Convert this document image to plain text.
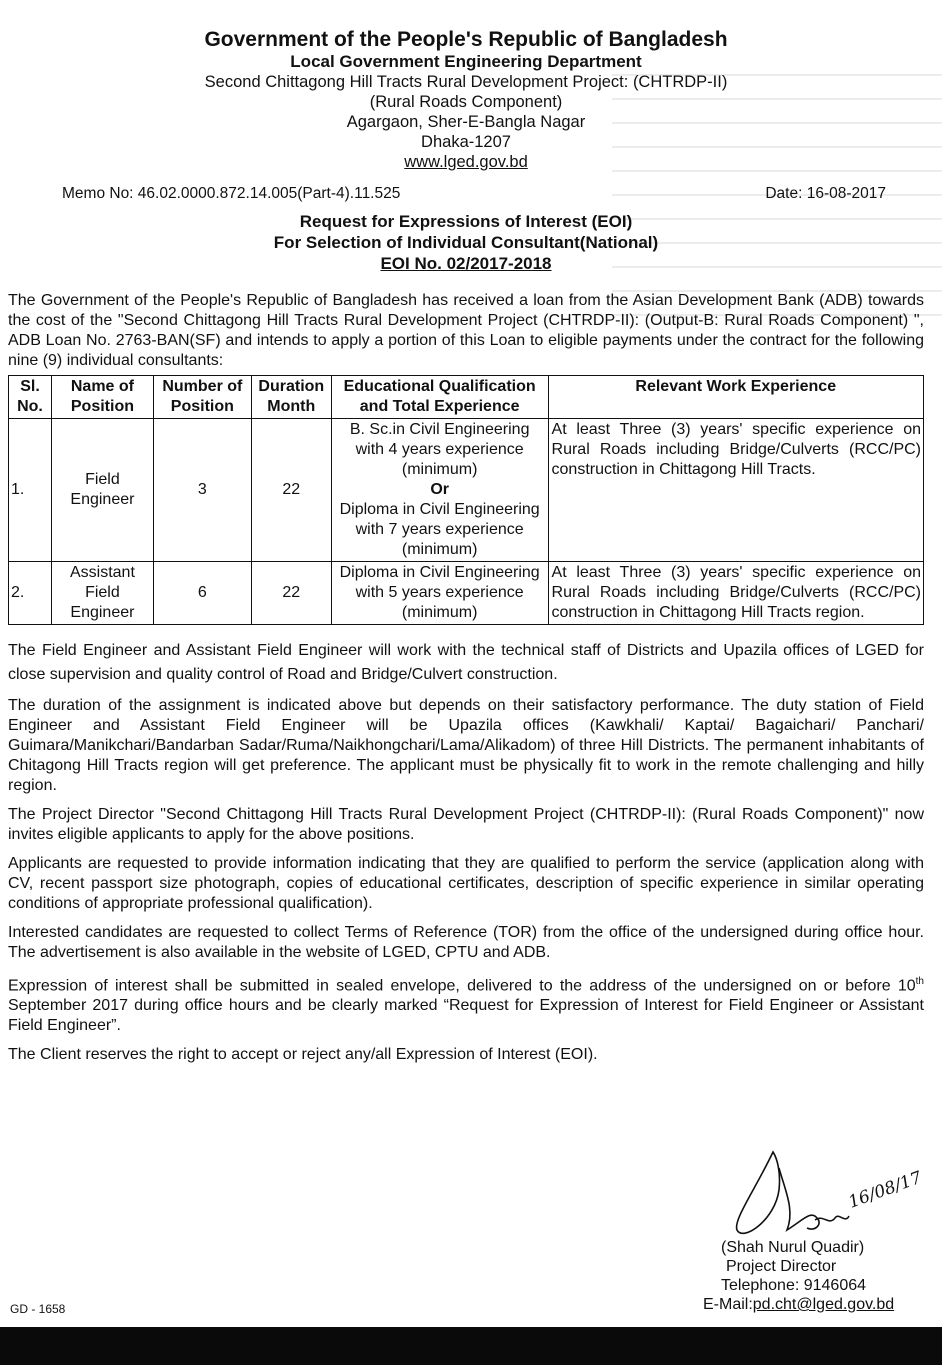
Government of the People's Republic of Bangladesh
Local Government Engineering Department
Second Chittagong Hill Tracts Rural Development Project: (CHTRDP-II)
(Rural Roads Component)
Agargaon, Sher-E-Bangla Nagar
Dhaka-1207
www.lged.gov.bd
Memo No: 46.02.0000.872.14.005(Part-4).11.525	Date: 16-08-2017
Request for Expressions of Interest (EOI)
For Selection of Individual Consultant(National)
EOI No. 02/2017-2018

The Government of the People's Republic of Bangladesh has received a loan from the Asian Development Bank (ADB) towards the cost of the "Second Chittagong Hill Tracts Rural Development Project (CHTRDP-II): (Output-B: Rural Roads Component) ", ADB Loan No. 2763-BAN(SF) and intends to apply a portion of this Loan to eligible payments under the contract for the following nine (9) individual consultants:

Sl. No.	Name of Position	Number of Position	Duration Month	Educational Qualification and Total Experience	Relevant Work Experience
1.	Field Engineer	3	22	B. Sc.in Civil Engineering with 4 years experience (minimum)
Or
Diploma in Civil Engineering with 7 years experience (minimum)	At least Three (3) years' specific experience on Rural Roads including Bridge/Culverts (RCC/PC) construction in Chittagong Hill Tracts.
2.	Assistant Field Engineer	6	22	Diploma in Civil Engineering with 5 years experience (minimum)	At least Three (3) years' specific experience on Rural Roads including Bridge/Culverts (RCC/PC) construction in Chittagong Hill Tracts region.

The Field Engineer and Assistant Field Engineer will work with the technical staff of Districts and Upazila offices of LGED for close supervision and quality control of Road and Bridge/Culvert construction.

The duration of the assignment is indicated above but depends on their satisfactory performance. The duty station of Field Engineer and Assistant Field Engineer will be Upazila offices (Kawkhali/ Kaptai/ Bagaichari/ Panchari/ Guimara/Manikchari/Bandarban Sadar/Ruma/Naikhongchari/Lama/Alikadom) of three Hill Districts. The permanent inhabitants of Chitagong Hill Tracts region will get preference. The applicant must be physically fit to work in the remote challenging and hilly region.

The Project Director "Second Chittagong Hill Tracts Rural Development Project (CHTRDP-II): (Rural Roads Component)" now invites eligible applicants to apply for the above positions.

Applicants are requested to provide information indicating that they are qualified to perform the service (application along with CV, recent passport size photograph, copies of educational certificates, description of specific experience in similar operating conditions of appropriate professional qualification).

Interested candidates are requested to collect Terms of Reference (TOR) from the office of the undersigned during office hour. The advertisement is also available in the website of LGED, CPTU and ADB.

Expression of interest shall be submitted in sealed envelope, delivered to the address of the undersigned on or before 10th September 2017 during office hours and be clearly marked “Request for Expression of Interest for Field Engineer or Assistant Field Engineer”.

The Client reserves the right to accept or reject any/all Expression of Interest (EOI).

16/08/17
(Shah Nurul Quadir)
Project Director
Telephone: 9146064
E-Mail:pd.cht@lged.gov.bd
GD - 1658
